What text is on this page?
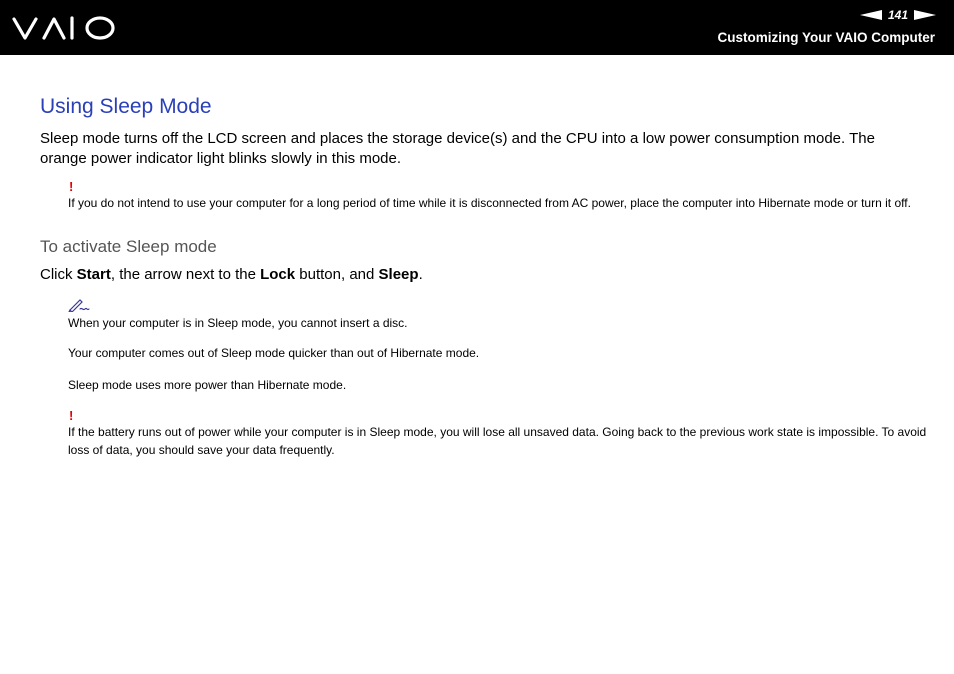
141
Customizing Your VAIO Computer
Using Sleep Mode
Sleep mode turns off the LCD screen and places the storage device(s) and the CPU into a low power consumption mode. The orange power indicator light blinks slowly in this mode.
!
If you do not intend to use your computer for a long period of time while it is disconnected from AC power, place the computer into Hibernate mode or turn it off.
To activate Sleep mode
Click Start, the arrow next to the Lock button, and Sleep.
When your computer is in Sleep mode, you cannot insert a disc.
Your computer comes out of Sleep mode quicker than out of Hibernate mode.
Sleep mode uses more power than Hibernate mode.
!
If the battery runs out of power while your computer is in Sleep mode, you will lose all unsaved data. Going back to the previous work state is impossible. To avoid loss of data, you should save your data frequently.
